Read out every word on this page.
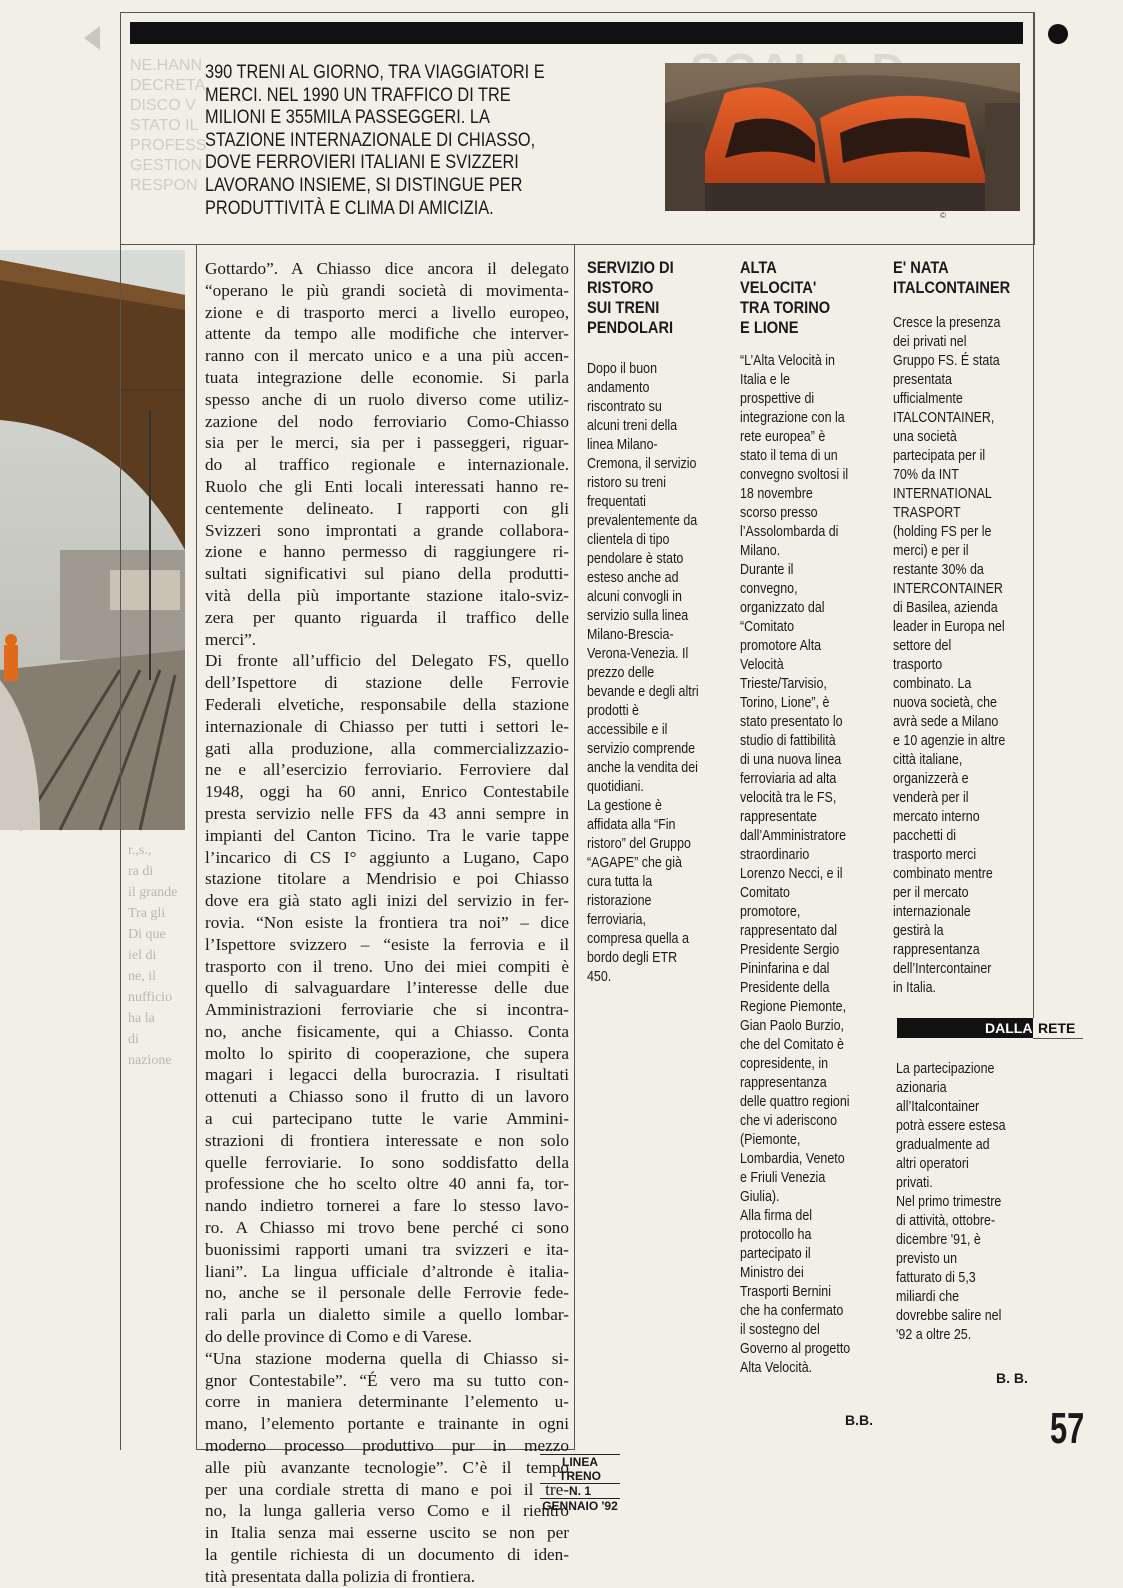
NE.HANN
DECRETA
DISCO V
STATO IL
PROFESS
GESTION
RESPON

390 TRENI AL GIORNO, TRA VIAGGIATORI E
MERCI. NEL 1990 UN TRAFFICO DI TRE
MILIONI E 355MILA PASSEGGERI. LA
STAZIONE INTERNAZIONALE DI CHIASSO,
DOVE FERROVIERI ITALIANI E SVIZZERI
LAVORANO INSIEME, SI DISTINGUE PER
PRODUTTIVITÀ E CLIMA DI AMICIZIA.	©
r.,s.,
ra di
il grande
Tra gli
Di que
iel di
ne, il
nufficio
ha la
di
nazione
Gottardo”. A Chiasso dice ancora il delegato
“operano le più grandi società di movimenta-
zione e di trasporto merci a livello europeo,
attente da tempo alle modifiche che interver-
ranno con il mercato unico e a una più accen-
tuata integrazione delle economie. Si parla
spesso anche di un ruolo diverso come utiliz-
zazione del nodo ferroviario Como-Chiasso
sia per le merci, sia per i passeggeri, riguar-
do al traffico regionale e internazionale.
Ruolo che gli Enti locali interessati hanno re-
centemente delineato. I rapporti con gli
Svizzeri sono improntati a grande collabora-
zione e hanno permesso di raggiungere ri-
sultati significativi sul piano della produtti-
vità della più importante stazione italo-sviz-
zera per quanto riguarda il traffico delle
merci”.
Di fronte all’ufficio del Delegato FS, quello
dell’Ispettore di stazione delle Ferrovie
Federali elvetiche, responsabile della stazione
internazionale di Chiasso per tutti i settori le-
gati alla produzione, alla commercializzazio-
ne e all’esercizio ferroviario. Ferroviere dal
1948, oggi ha 60 anni, Enrico Contestabile
presta servizio nelle FFS da 43 anni sempre in
impianti del Canton Ticino. Tra le varie tappe
l’incarico di CS I° aggiunto a Lugano, Capo
stazione titolare a Mendrisio e poi Chiasso
dove era già stato agli inizi del servizio in fer-
rovia. “Non esiste la frontiera tra noi” – dice
l’Ispettore svizzero – “esiste la ferrovia e il
trasporto con il treno. Uno dei miei compiti è
quello di salvaguardare l’interesse delle due
Amministrazioni ferroviarie che si incontra-
no, anche fisicamente, qui a Chiasso. Conta
molto lo spirito di cooperazione, che supera
magari i legacci della burocrazia. I risultati
ottenuti a Chiasso sono il frutto di un lavoro
a cui partecipano tutte le varie Ammini-
strazioni di frontiera interessate e non solo
quelle ferroviarie. Io sono soddisfatto della
professione che ho scelto oltre 40 anni fa, tor-
nando indietro tornerei a fare lo stesso lavo-
ro. A Chiasso mi trovo bene perché ci sono
buonissimi rapporti umani tra svizzeri e ita-
liani”. La lingua ufficiale d’altronde è italia-
no, anche se il personale delle Ferrovie fede-
rali parla un dialetto simile a quello lombar-
do delle province di Como e di Varese.
“Una stazione moderna quella di Chiasso si-
gnor Contestabile”. “É vero ma su tutto con-
corre in maniera determinante l’elemento u-
mano, l’elemento portante e trainante in ogni
moderno processo produttivo pur in mezzo
alle più avanzante tecnologie”. C’è il tempo
per una cordiale stretta di mano e poi il tre-
no, la lunga galleria verso Como e il rientro
in Italia senza mai esserne uscito se non per
la gentile richiesta di un documento di iden-
tità presentata dalla polizia di frontiera.
SERVIZIO DI
RISTORO
SUI TRENI
PENDOLARI
Dopo il buon
andamento
riscontrato su
alcuni treni della
linea Milano-
Cremona, il servizio
ristoro su treni
frequentati
prevalentemente da
clientela di tipo
pendolare è stato
esteso anche ad
alcuni convogli in
servizio sulla linea
Milano-Brescia-
Verona-Venezia. Il
prezzo delle
bevande e degli altri
prodotti è
accessibile e il
servizio comprende
anche la vendita dei
quotidiani.
La gestione è
affidata alla “Fin
ristoro” del Gruppo
“AGAPE” che già
cura tutta la
ristorazione
ferroviaria,
compresa quella a
bordo degli ETR
450.
ALTA
VELOCITA'
TRA TORINO
E LIONE
“L’Alta Velocità in
Italia e le
prospettive di
integrazione con la
rete europea” è
stato il tema di un
convegno svoltosi il
18 novembre
scorso presso
l’Assolombarda di
Milano.
Durante il
convegno,
organizzato dal
“Comitato
promotore Alta
Velocità
Trieste/Tarvisio,
Torino, Lione”, è
stato presentato lo
studio di fattibilità
di una nuova linea
ferroviaria ad alta
velocità tra le FS,
rappresentate
dall’Amministratore
straordinario
Lorenzo Necci, e il
Comitato
promotore,
rappresentato dal
Presidente Sergio
Pininfarina e dal
Presidente della
Regione Piemonte,
Gian Paolo Burzio,
che del Comitato è
copresidente, in
rappresentanza
delle quattro regioni
che vi aderiscono
(Piemonte,
Lombardia, Veneto
e Friuli Venezia
Giulia).
Alla firma del
protocollo ha
partecipato il
Ministro dei
Trasporti Bernini
che ha confermato
il sostegno del
Governo al progetto
Alta Velocità.
B.B.
E' NATA
ITALCONTAINER
Cresce la presenza
dei privati nel
Gruppo FS. É stata
presentata
ufficialmente
ITALCONTAINER,
una società
partecipata per il
70% da INT
INTERNATIONAL
TRASPORT
(holding FS per le
merci) e per il
restante 30% da
INTERCONTAINER
di Basilea, azienda
leader in Europa nel
settore del
trasporto
combinato. La
nuova società, che
avrà sede a Milano
e 10 agenzie in altre
città italiane,
organizzerà e
venderà per il
mercato interno
pacchetti di
trasporto merci
combinato mentre
per il mercato
internazionale
gestirà la
rappresentanza
dell’Intercontainer
in Italia.
DALLA RETE
La partecipazione
azionaria
all’Italcontainer
potrà essere estesa
gradualmente ad
altri operatori
privati.
Nel primo trimestre
di attività, ottobre-
dicembre '91, è
previsto un
fatturato di 5,3
miliardi che
dovrebbe salire nel
'92 a oltre 25.
B. B.
57
LINEA TRENO
N. 1
GENNAIO '92
